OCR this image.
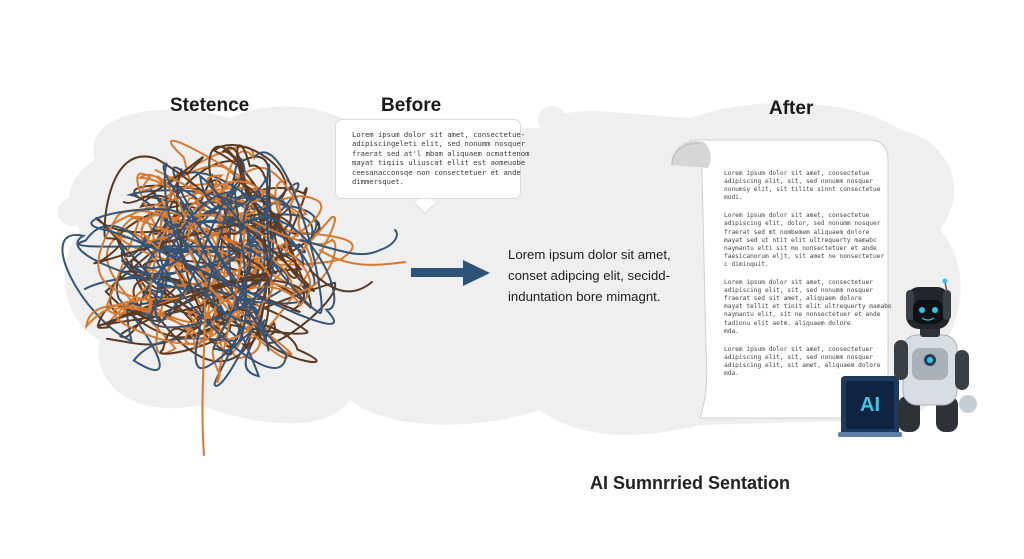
AI
Stetence	Before	After

Lorem ipsum dolor sit amet, consectetue-

adipiscingeleti elit, sed nonumm nosquer

fraerat sed at'l mbam aliquaem ocmattenom

mayat tiqiis uliuscat ellit est aomeuobe

ceesanacconsqe non consectetuer et ande

dimmersquet.

Lorem ipsum dolor sit amet,

conset adipcing elit, secidd-

induntation bore mimagnt.

Lorem ipsum dolor sit amet, consectetue

adipiscing elit, sit, sed nonumm nosquer

nonumsy elit, sit tilite sinnt consectetue

modi.

Lorem ipsum dolor sit amet, consectetue

adipiscing elit, dolor, sed nonumm nosquer

fraerat sed mt nombemem aliquaem dolore

mayat sed ut ntit elit ultrequerty mamabc

naymantu elti sit mo nonsectetuer et ande

faesicanorum eljt, sit amet ne nonsectetuer

c diminquit.

Lorem ipsum dolor sit amet, consectetuer

adipiscing elit, sit, sed nonumm nosquer

fraerat sed sit amet, aliquaem dolore

mayat tellit et tinit elit ultrequerty mamabo

naymantu elit, sit ne nonsectetuer et ande

tadionu elit aetm. aliquaem dolore

mda.

Lorem ipsum dolor sit amet, consectetuer

adipiscing elit, sit, sed nonumm nosquer

adipiscing elit, sit amet, aliquaem dolore

mda.

AI Sumnrried Sentation
